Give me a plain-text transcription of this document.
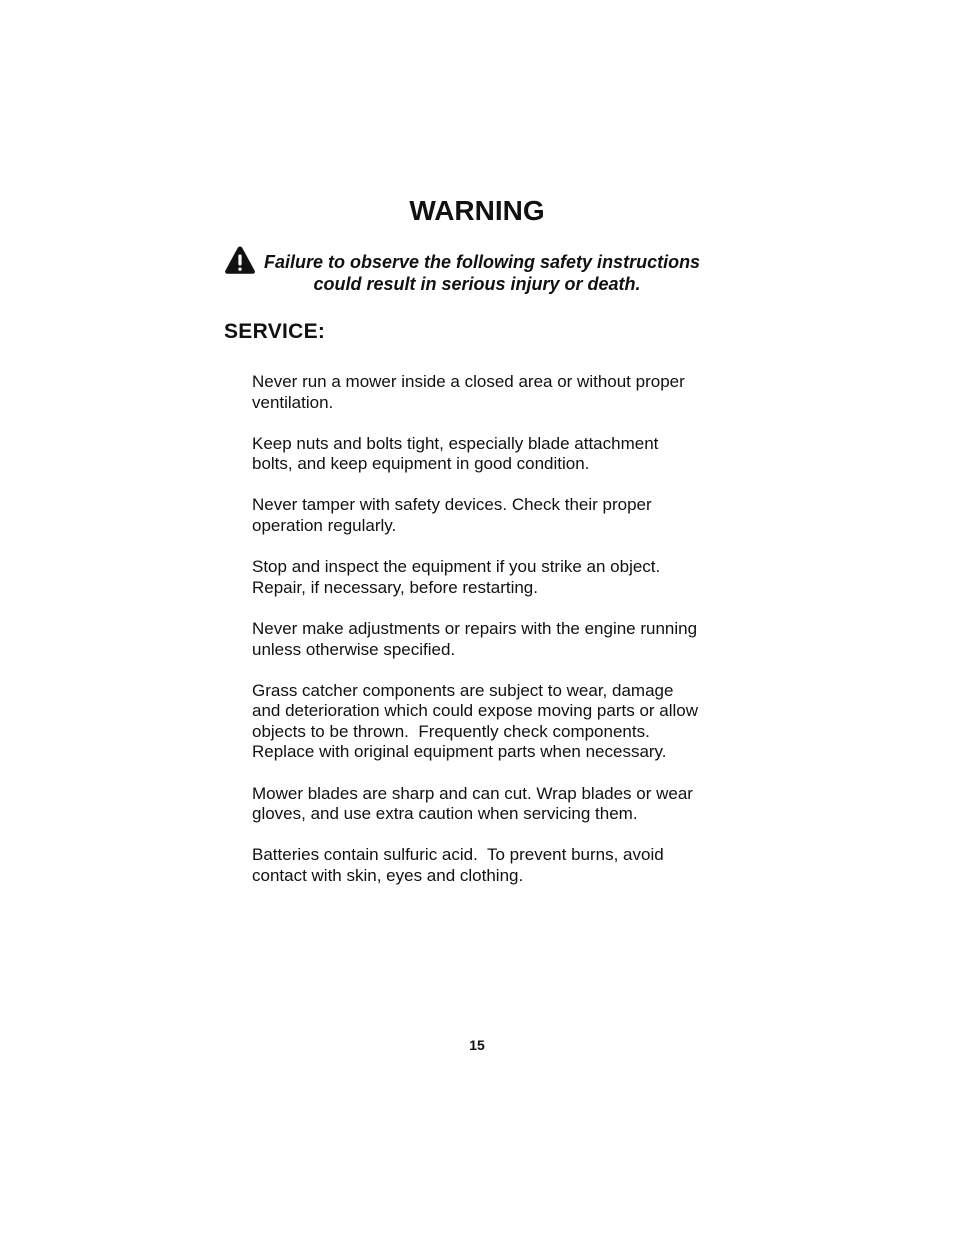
WARNING
Failure to observe the following safety instructions
could result in serious injury or death.
SERVICE:
Never run a mower inside a closed area or without proper
ventilation.
Keep nuts and bolts tight, especially blade attachment
bolts, and keep equipment in good condition.
Never tamper with safety devices. Check their proper
operation regularly.
Stop and inspect the equipment if you strike an object.
Repair, if necessary, before restarting.
Never make adjustments or repairs with the engine running
unless otherwise specified.
Grass catcher components are subject to wear, damage
and deterioration which could expose moving parts or allow
objects to be thrown.  Frequently check components.
Replace with original equipment parts when necessary.
Mower blades are sharp and can cut. Wrap blades or wear
gloves, and use extra caution when servicing them.
Batteries contain sulfuric acid.  To prevent burns, avoid
contact with skin, eyes and clothing.
15
